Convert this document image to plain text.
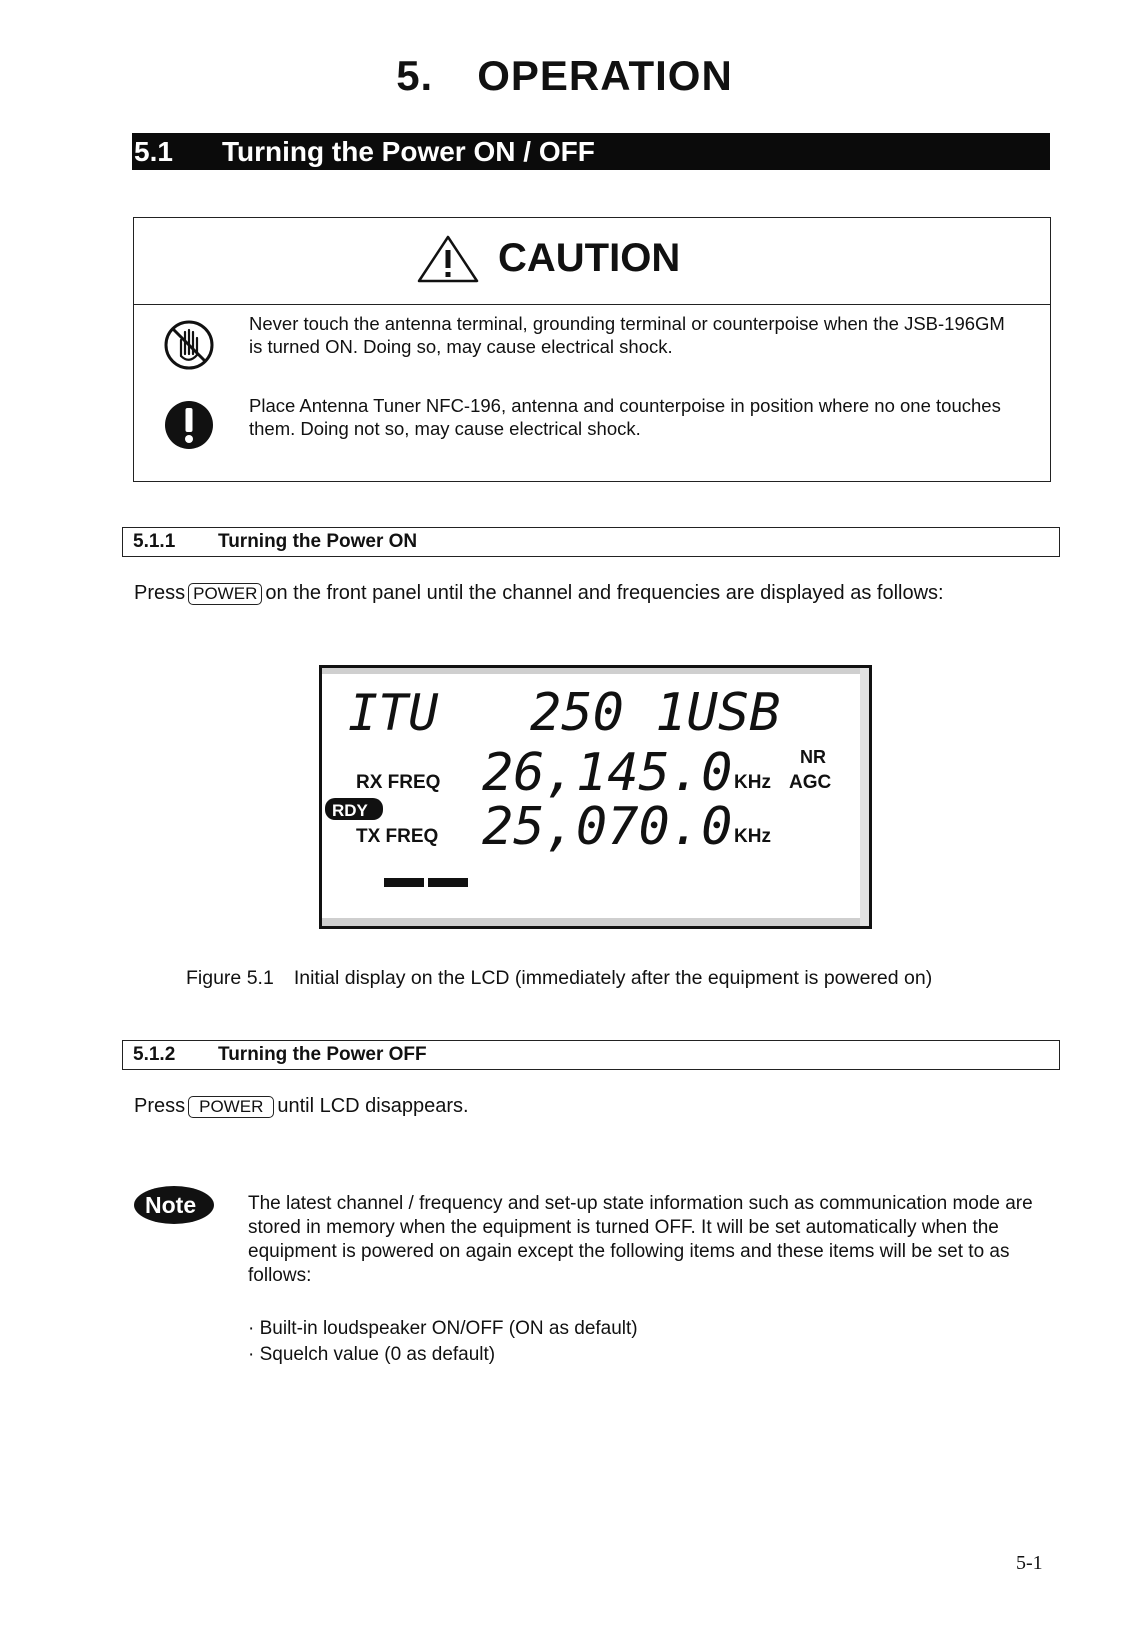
5. OPERATION
5.1 Turning the Power ON / OFF
CAUTION
Never touch the antenna terminal, grounding terminal or counterpoise when the JSB-196GM is turned ON. Doing so, may cause electrical shock.
Place Antenna Tuner NFC-196, antenna and counterpoise in position where no one touches them. Doing not so, may cause electrical shock.
5.1.1 Turning the Power ON
Press POWER on the front panel until the channel and frequencies are displayed as follows:
ITU 250 1USB
RX FREQ 26,145.0 KHz
NR
AGC
RDY
TX FREQ 25,070.0 KHz
Figure 5.1 Initial display on the LCD (immediately after the equipment is powered on)
5.1.2 Turning the Power OFF
Press POWER until LCD disappears.
Note	The latest channel / frequency and set-up state information such as communication mode are stored in memory when the equipment is turned OFF. It will be set automatically when the equipment is powered on again except the following items and these items will be set to as follows:
· Built-in loudspeaker ON/OFF (ON as default)
· Squelch value (0 as default)
5-1
